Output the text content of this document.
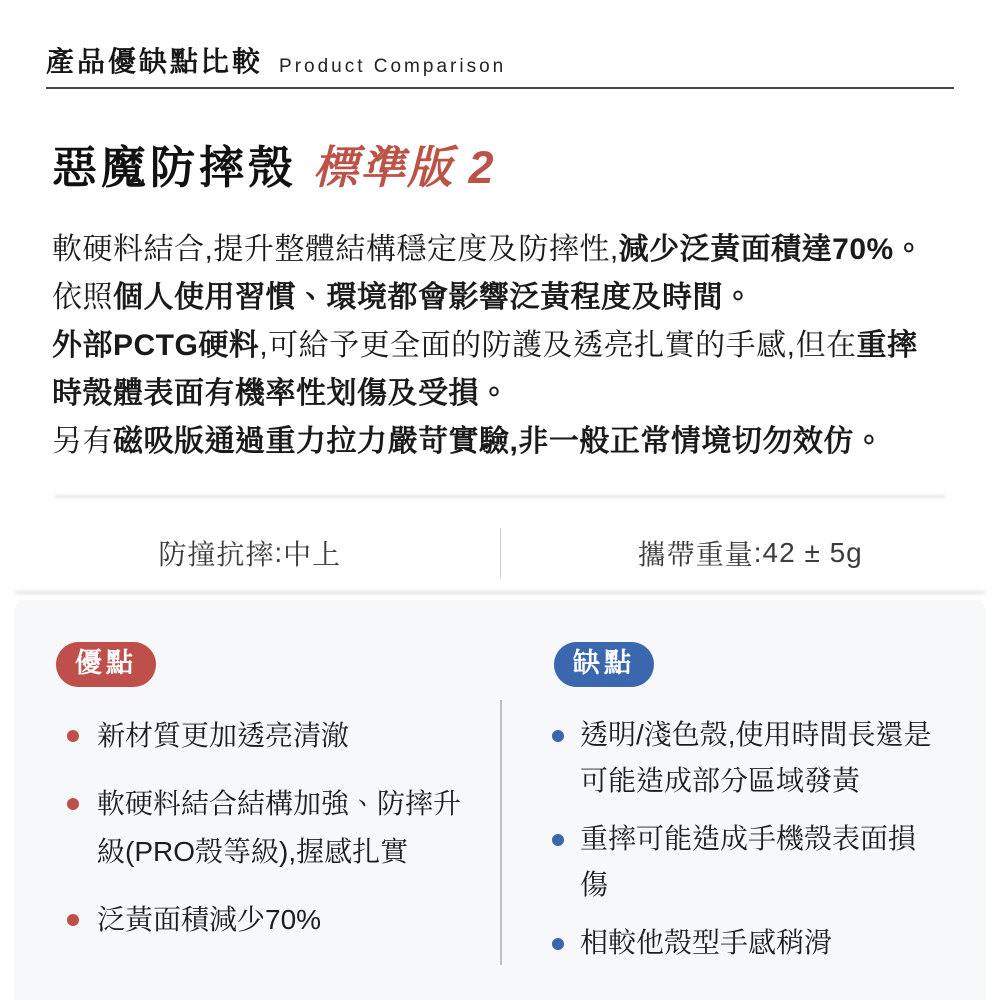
產品優缺點比較 Product Comparison
惡魔防摔殼 標準版 2
軟硬料結合,提升整體結構穩定度及防摔性,減少泛黃面積達70%。
依照個人使用習慣、環境都會影響泛黃程度及時間。
外部PCTG硬料,可給予更全面的防護及透亮扎實的手感,但在重摔
時殼體表面有機率性划傷及受損。
另有磁吸版通過重力拉力嚴苛實驗,非一般正常情境切勿效仿。
防撞抗摔 : 中上	攜帶重量 : 42 ± 5g
優點	缺點
新材質更加透亮清澈
軟硬料結合結構加強、防摔升級(PRO殼等級),握感扎實
泛黃面積減少70%
透明/淺色殼,使用時間長還是可能造成部分區域發黃
重摔可能造成手機殼表面損傷
相較他殼型手感稍滑
